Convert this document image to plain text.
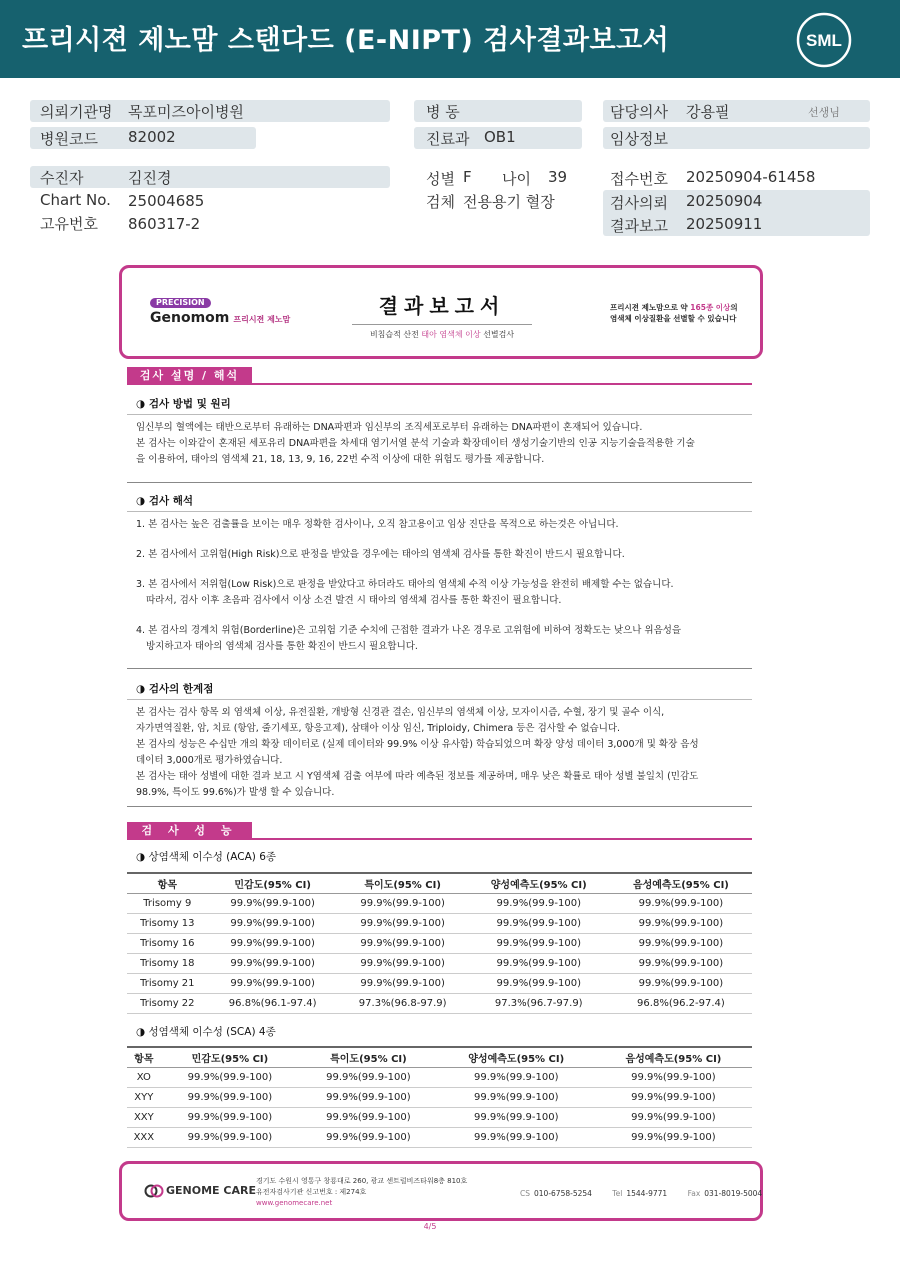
프리시젼 제노맘 스탠다드 (E-NIPT) 검사결과보고서	SML
의뢰기관명 목포미즈아이병원
병원코드 82002
병 동
진료과 OB1
담당의사 강용필	선생님
임상정보
수진자	김진경
Chart No. 25004685
고유번호 860317-2
성별 F 나이 39
검체 전용용기 혈장
접수번호 20250904-61458
검사의뢰 20250904
결과보고 20250911
PRECISION
Genomom 프리시젼 제노맘
결과보고서
비침습적 산전 태아 염색체 이상 선별검사
프리시젼 제노맘으로 약 165종 이상의
염색체 이상질환을 선별할 수 있습니다
검사 설명 / 해석
◑ 검사 방법 및 원리

임신부의 혈액에는 태반으로부터 유래하는 DNA파편과 임신부의 조직세포로부터 유래하는 DNA파편이 혼재되어 있습니다.

본 검사는 이와같이 혼재된 세포유리 DNA파편을 차세대 염기서열 분석 기술과 확장데이터 생성기술기반의 인공 지능기술을적용한 기술

을 이용하여, 태아의 염색체 21, 18, 13, 9, 16, 22번 수적 이상에 대한 위험도 평가를 제공합니다.

◑ 검사 해석
1. 본 검사는 높은 검출률을 보이는 매우 정확한 검사이나, 오직 참고용이고 임상 진단을 목적으로 하는것은 아닙니다.
2. 본 검사에서 고위험(High Risk)으로 판정을 받았을 경우에는 태아의 염색체 검사를 통한 확진이 반드시 필요합니다.

3. 본 검사에서 저위험(Low Risk)으로 판정을 받았다고 하더라도 태아의 염색체 수적 이상 가능성을 완전히 배제할 수는 없습니다.

따라서, 검사 이후 초음파 검사에서 이상 소견 발견 시 태아의 염색체 검사를 통한 확진이 필요합니다.

4. 본 검사의 경계치 위험(Borderline)은 고위험 기준 수치에 근접한 결과가 나온 경우로 고위험에 비하여 정확도는 낮으나 위음성을

방지하고자 태아의 염색체 검사를 통한 확진이 반드시 필요합니다.

◑ 검사의 한계점

본 검사는 검사 항목 외 염색체 이상, 유전질환, 개방형 신경관 결손, 임신부의 염색체 이상, 모자이시즘, 수혈, 장기 및 골수 이식,

자가면역질환, 암, 치료 (항암, 줄기세포, 항응고제), 삼태아 이상 임신, Triploidy, Chimera 등은 검사할 수 없습니다.

본 검사의 성능은 수십만 개의 확장 데이터로 (실제 데이터와 99.9% 이상 유사함) 학습되었으며 확장 양성 데이터 3,000개 및 확장 음성

데이터 3,000개로 평가하였습니다.

본 검사는 태아 성별에 대한 결과 보고 시 Y염색체 검출 여부에 따라 예측된 정보를 제공하며, 매우 낮은 확률로 태아 성별 불일치 (민감도

98.9%, 특이도 99.6%)가 발생 할 수 있습니다.

검 사 성 능
◑ 상염색체 이수성 (ACA) 6종
항목	민감도(95% CI)	특이도(95% CI)	양성예측도(95% CI)	음성예측도(95% CI)
Trisomy 9	99.9%(99.9-100)	99.9%(99.9-100)	99.9%(99.9-100)	99.9%(99.9-100)
Trisomy 13	99.9%(99.9-100)	99.9%(99.9-100)	99.9%(99.9-100)	99.9%(99.9-100)
Trisomy 16	99.9%(99.9-100)	99.9%(99.9-100)	99.9%(99.9-100)	99.9%(99.9-100)
Trisomy 18	99.9%(99.9-100)	99.9%(99.9-100)	99.9%(99.9-100)	99.9%(99.9-100)
Trisomy 21	99.9%(99.9-100)	99.9%(99.9-100)	99.9%(99.9-100)	99.9%(99.9-100)
Trisomy 22	96.8%(96.1-97.4)	97.3%(96.8-97.9)	97.3%(96.7-97.9)	96.8%(96.2-97.4)
◑ 성염색체 이수성 (SCA) 4종
항목	민감도(95% CI)	특이도(95% CI)	양성예측도(95% CI)	음성예측도(95% CI)
XO	99.9%(99.9-100)	99.9%(99.9-100)	99.9%(99.9-100)	99.9%(99.9-100)
XYY	99.9%(99.9-100)	99.9%(99.9-100)	99.9%(99.9-100)	99.9%(99.9-100)
XXY	99.9%(99.9-100)	99.9%(99.9-100)	99.9%(99.9-100)	99.9%(99.9-100)
XXX	99.9%(99.9-100)	99.9%(99.9-100)	99.9%(99.9-100)	99.9%(99.9-100)
GENOME CARE

경기도 수원시 영통구 창룡대로 260, 광교 센트럴비즈타워8층 810호

유전자검사기관 신고번호 : 제274호

www.genomecare.net

CS 010-6758-5254	Tel 1544-9771	Fax 031-8019-5004
4/5
